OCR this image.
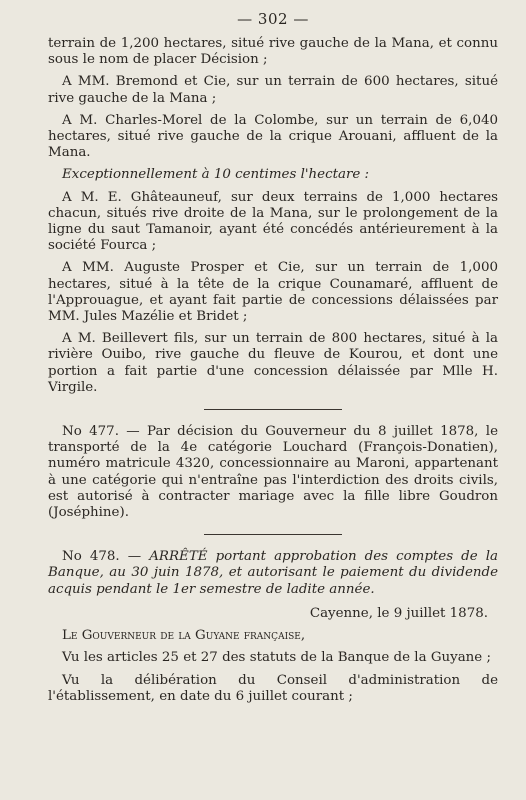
— 302 —

terrain de 1,200 hectares, situé rive gauche de la Mana, et connu sous le nom de placer Décision ;

A MM. Bremond et Cie, sur un terrain de 600 hectares, situé rive gauche de la Mana ;

A M. Charles-Morel de la Colombe, sur un terrain de 6,040 hectares, situé rive gauche de la crique Arouani, affluent de la Mana.

Exceptionnellement à 10 centimes l'hectare :

A M. E. Ghâteauneuf, sur deux terrains de 1,000 hectares chacun, situés rive droite de la Mana, sur le prolongement de la ligne du saut Tamanoir, ayant été concédés antérieurement à la société Fourca ;

A MM. Auguste Prosper et Cie, sur un terrain de 1,000 hectares, situé à la tête de la crique Counamaré, affluent de l'Approuague, et ayant fait partie de concessions délaissées par MM. Jules Mazélie et Bridet ;

A M. Beillevert fils, sur un terrain de 800 hectares, situé à la rivière Ouibo, rive gauche du fleuve de Kourou, et dont une portion a fait partie d'une concession délaissée par Mlle H. Virgile.

No 477. — Par décision du Gouverneur du 8 juillet 1878, le transporté de la 4e catégorie Louchard (François-Donatien), numéro matricule 4320, concessionnaire au Maroni, appartenant à une catégorie qui n'entraîne pas l'interdiction des droits civils, est autorisé à contracter mariage avec la fille libre Goudron (Joséphine).

No 478. — ARRÊTÉ portant approbation des comptes de la Banque, au 30 juin 1878, et autorisant le paiement du dividende acquis pendant le 1er semestre de ladite année.

Cayenne, le 9 juillet 1878.

Le Gouverneur de la Guyane française,

Vu les articles 25 et 27 des statuts de la Banque de la Guyane ;

Vu la délibération du Conseil d'administration de l'établissement, en date du 6 juillet courant ;
